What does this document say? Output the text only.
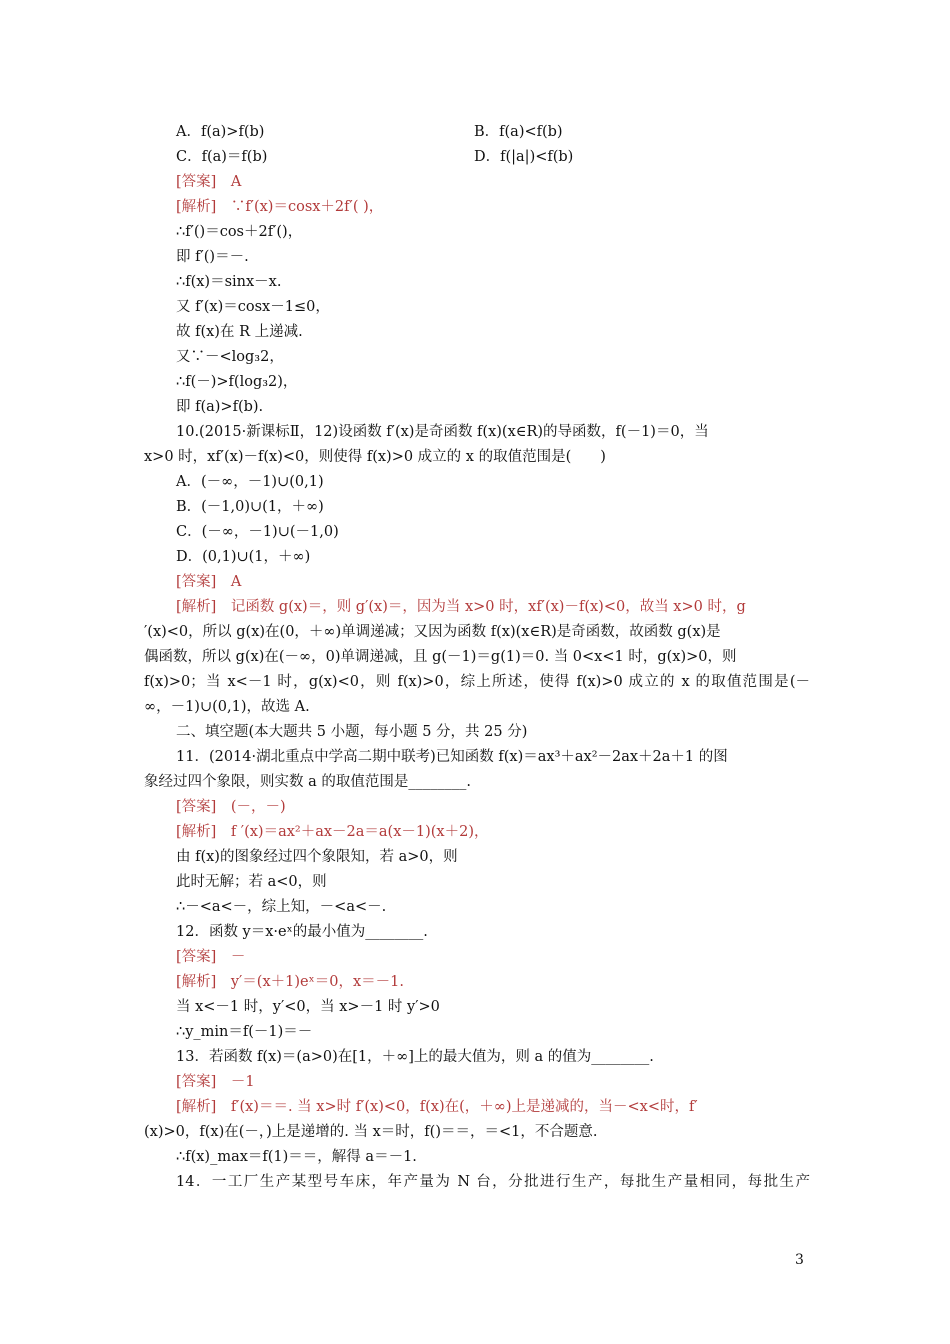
A．f(a)>f(b)	B．f(a)<f(b)
C．f(a)＝f(b)	D．f(|a|)<f(b)
[答案]　A
[解析]　∵f′(x)＝cosx＋2f′( )，
∴f′()＝cos＋2f′()，
即 f′()＝－.
∴f(x)＝sinx－x.
又 f′(x)＝cosx－1≤0，
故 f(x)在 R 上递减.
又∵－<log₃2，
∴f(－)>f(log₃2)，
即 f(a)>f(b).
10.(2015·新课标Ⅱ，12)设函数 f′(x)是奇函数 f(x)(x∈R)的导函数，f(－1)＝0，当
x>0 时，xf′(x)－f(x)<0，则使得 f(x)>0 成立的 x 的取值范围是(　　)
A．(－∞，－1)∪(0,1)
B．(－1,0)∪(1，＋∞)
C．(－∞，－1)∪(－1,0)
D．(0,1)∪(1，＋∞)
[答案]　A
[解析]　记函数 g(x)＝，则 g′(x)＝，因为当 x>0 时，xf′(x)－f(x)<0，故当 x>0 时，g
′(x)<0，所以 g(x)在(0，＋∞)单调递减；又因为函数 f(x)(x∈R)是奇函数，故函数 g(x)是
偶函数，所以 g(x)在(－∞，0)单调递减，且 g(－1)＝g(1)＝0. 当 0<x<1 时，g(x)>0，则
f(x)>0；当 x<－1 时，g(x)<0，则 f(x)>0，综上所述，使得 f(x)>0 成立的 x 的取值范围是(－
∞，－1)∪(0,1)，故选 A.
二、填空题(本大题共 5 小题，每小题 5 分，共 25 分)
11．(2014·湖北重点中学高二期中联考)已知函数 f(x)＝ax³＋ax²－2ax＋2a＋1 的图
象经过四个象限，则实数 a 的取值范围是________.
[答案]　(－，－)
[解析]　f ′(x)＝ax²＋ax－2a＝a(x－1)(x＋2)，
由 f(x)的图象经过四个象限知，若 a>0，则
此时无解；若 a<0，则
∴－<a<－，综上知，－<a<－.
12．函数 y＝x·eˣ的最小值为________.
[答案]　－
[解析]　y′＝(x＋1)eˣ＝0，x＝－1.
当 x<－1 时，y′<0，当 x>－1 时 y′>0
∴y_min＝f(－1)＝－
13．若函数 f(x)＝(a>0)在[1，＋∞]上的最大值为，则 a 的值为________.
[答案]　－1
[解析]　f′(x)＝＝. 当 x>时 f′(x)<0，f(x)在(，＋∞)上是递减的，当－<x<时，f′
(x)>0，f(x)在(－，)上是递增的. 当 x＝时，f()＝＝，＝<1，不合题意.
∴f(x)_max＝f(1)＝＝，解得 a＝－1.
14．一工厂生产某型号车床，年产量为 N 台，分批进行生产，每批生产量相同，每批生产
3
